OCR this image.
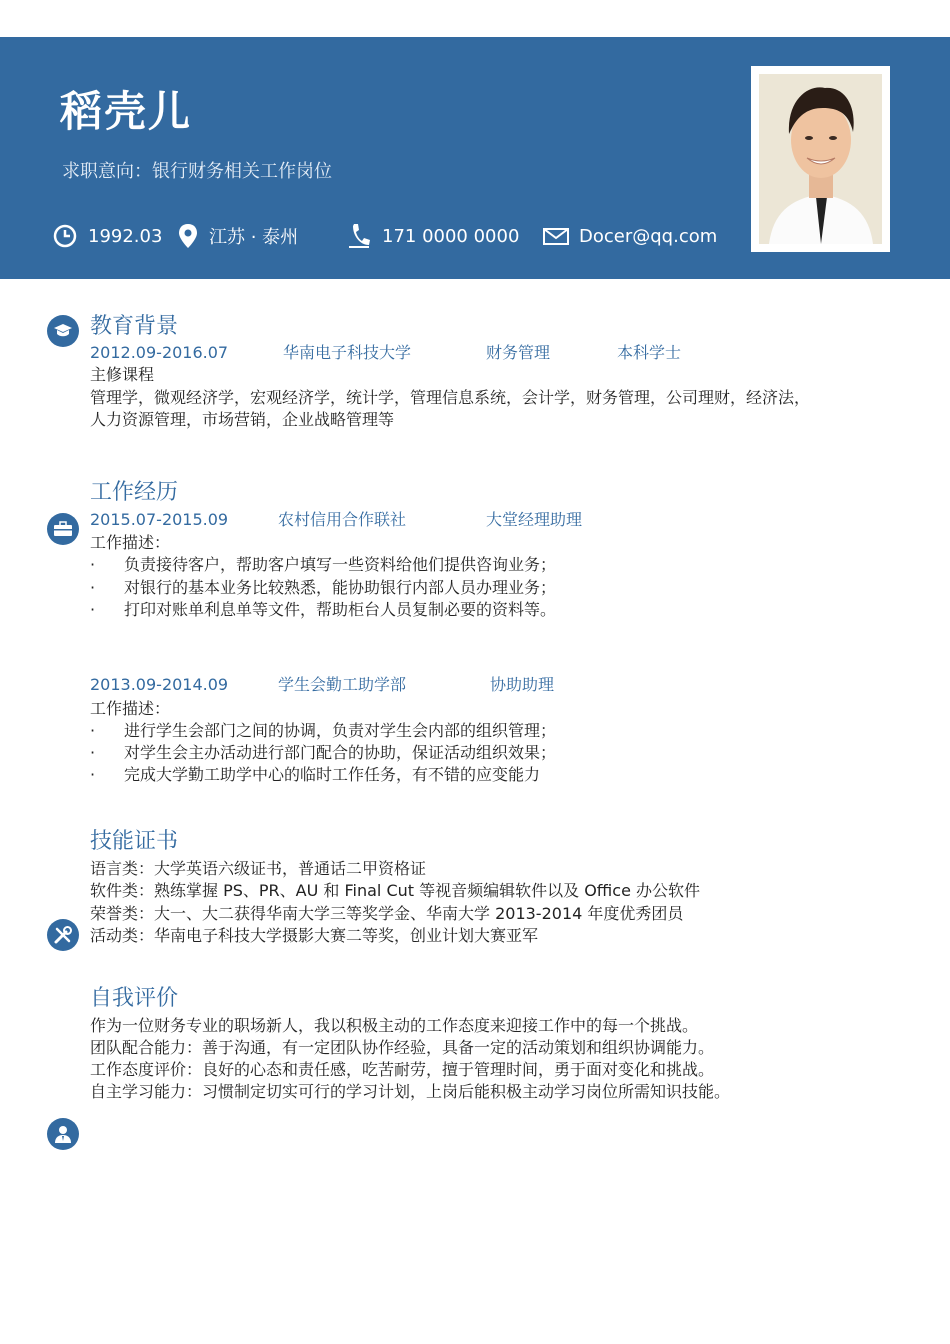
稻壳儿
求职意向：银行财务相关工作岗位
1992.03	江苏 · 泰州	171 0000 0000	Docer@qq.com
教育背景
2012.09-2016.07	华南电子科技大学	财务管理	本科学士
主修课程
管理学，微观经济学，宏观经济学，统计学，管理信息系统，会计学，财务管理，公司理财，经济法，
人力资源管理，市场营销，企业战略管理等
工作经历
2015.07-2015.09	农村信用合作联社	大堂经理助理
工作描述：
· 负责接待客户，帮助客户填写一些资料给他们提供咨询业务；
· 对银行的基本业务比较熟悉，能协助银行内部人员办理业务；
· 打印对账单利息单等文件，帮助柜台人员复制必要的资料等。
2013.09-2014.09	学生会勤工助学部	协助助理
工作描述：
· 进行学生会部门之间的协调，负责对学生会内部的组织管理；
· 对学生会主办活动进行部门配合的协助，保证活动组织效果；
· 完成大学勤工助学中心的临时工作任务，有不错的应变能力
技能证书
语言类：大学英语六级证书，普通话二甲资格证
软件类：熟练掌握 PS、PR、AU 和 Final Cut 等视音频编辑软件以及 Office 办公软件
荣誉类：大一、大二获得华南大学三等奖学金、华南大学 2013-2014 年度优秀团员
活动类：华南电子科技大学摄影大赛二等奖，创业计划大赛亚军
自我评价
作为一位财务专业的职场新人，我以积极主动的工作态度来迎接工作中的每一个挑战。
团队配合能力：善于沟通，有一定团队协作经验，具备一定的活动策划和组织协调能力。
工作态度评价：良好的心态和责任感，吃苦耐劳，擅于管理时间，勇于面对变化和挑战。
自主学习能力：习惯制定切实可行的学习计划，上岗后能积极主动学习岗位所需知识技能。
